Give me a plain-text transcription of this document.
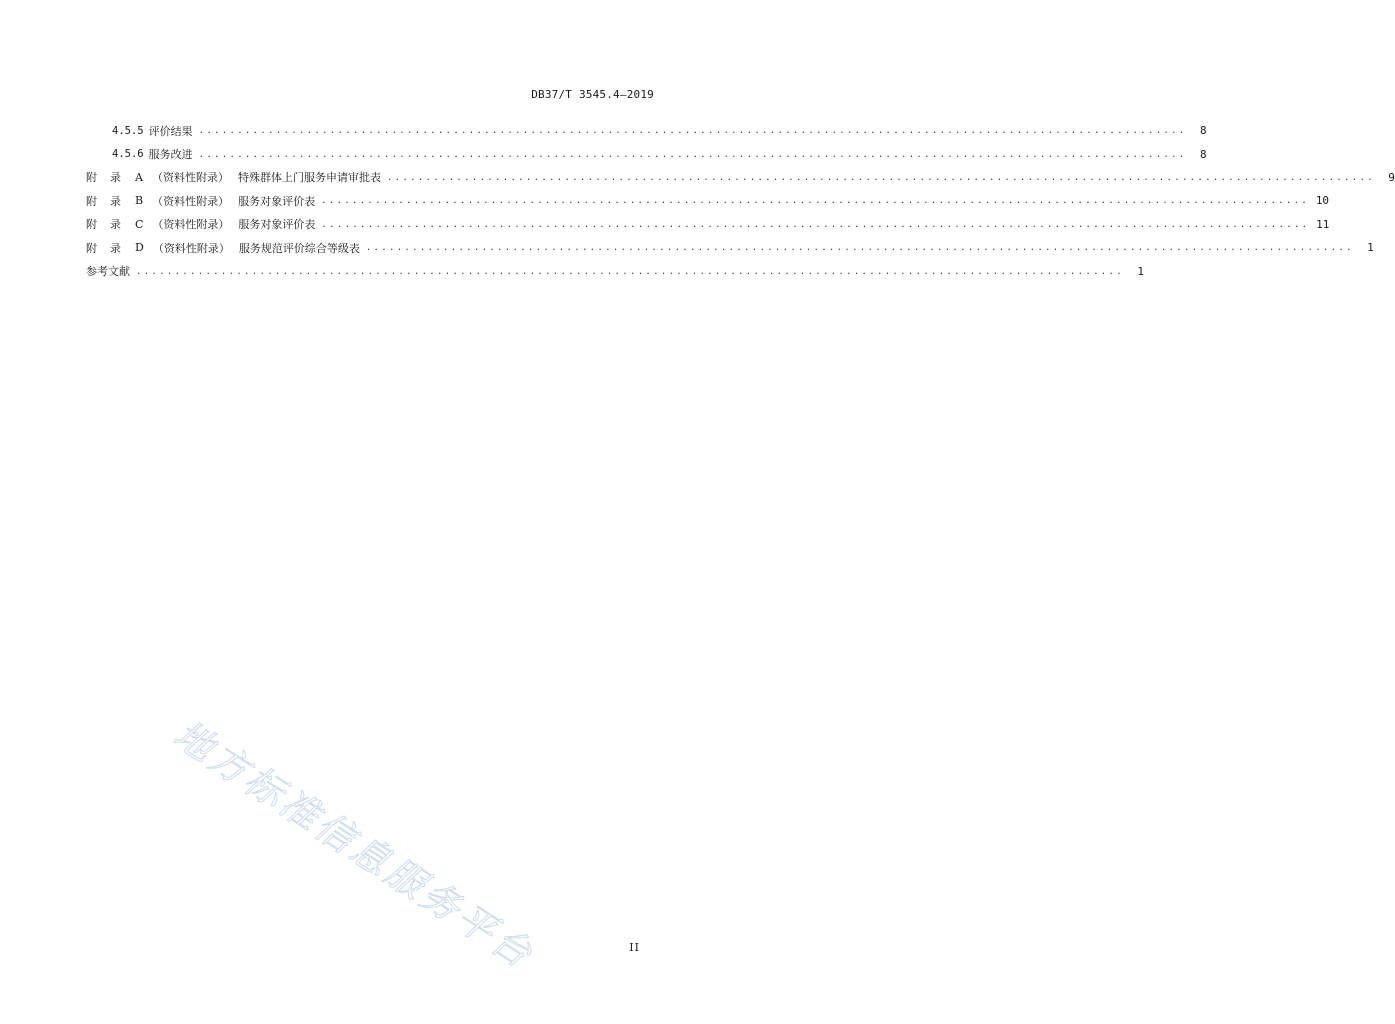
DB37/T 3545.4—2019
4.5.5 评价结果 ................................................................................................................................	8
4.5.6 服务改进 ................................................................................................................................	8
附 录 A （资料性附录） 特殊群体上门服务申请审批表 ................................................................................................................................	9
附 录 B （资料性附录） 服务对象评价表 ................................................................................................................................ 10
附 录 C （资料性附录） 服务对象评价表 ................................................................................................................................ 11
附 录 D （资料性附录） 服务规范评价综合等级表 ................................................................................................................................	1
参考文献 ................................................................................................................................	1
地方标准信息服务平台	II
